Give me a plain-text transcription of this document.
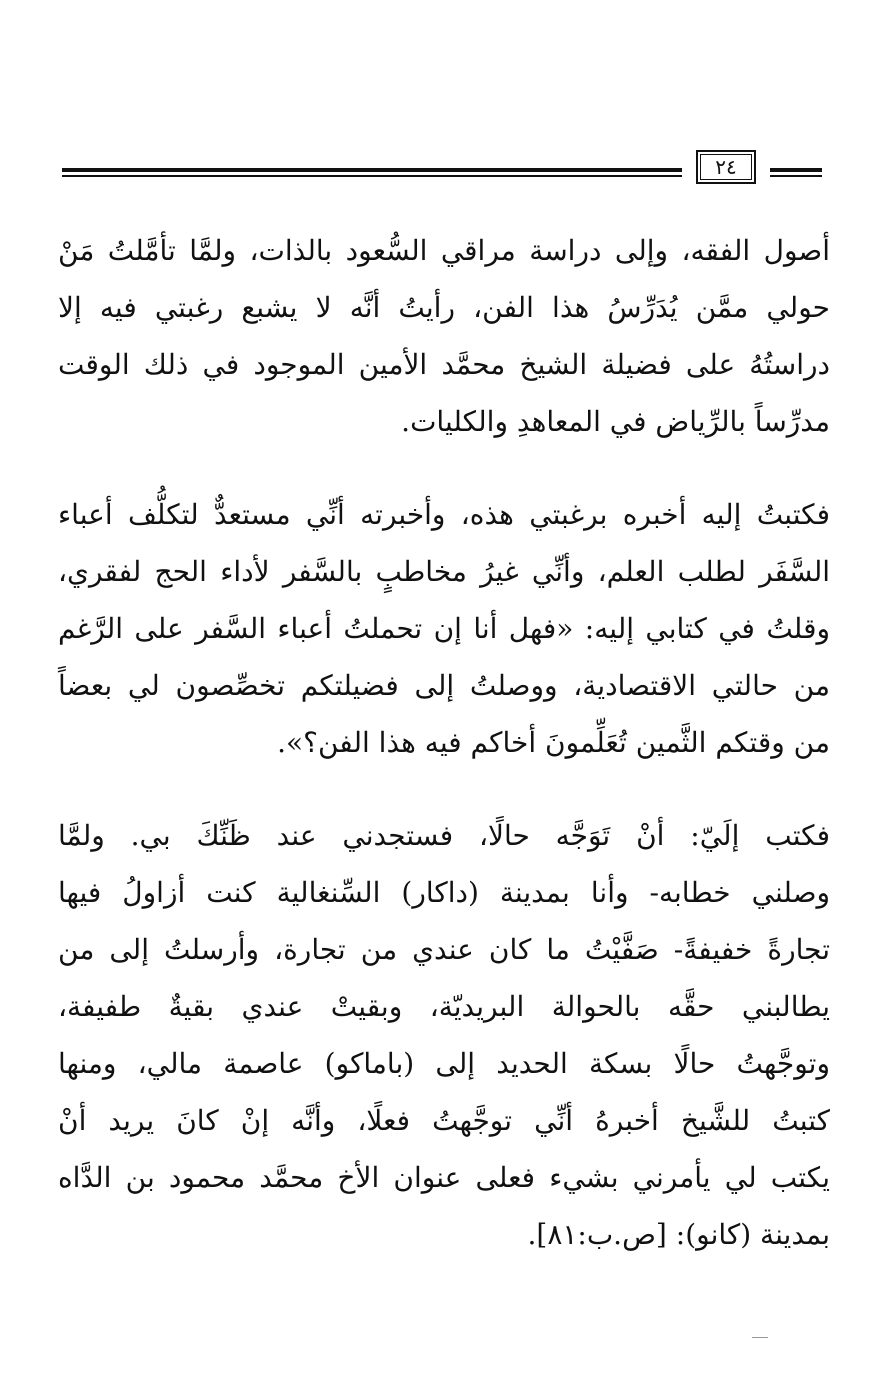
٢٤
أصول الفقه، وإلى دراسة مراقي السُّعود بالذات، ولمَّا تأمَّلتُ مَنْ
حولي ممَّن يُدَرِّسُ هذا الفن، رأيتُ أنَّه لا يشبع رغبتي فيه إلا
دراستُهُ على فضيلة الشيخ محمَّد الأمين الموجود في ذلك الوقت
مدرِّساً بالرِّياض في المعاهدِ والكليات.
فكتبتُ إليه أخبره برغبتي هذه، وأخبرته أنِّي مستعدٌّ لتكلُّف أعباء
السَّفَر لطلب العلم، وأنِّي غيرُ مخاطبٍ بالسَّفر لأداء الحج لفقري،
وقلتُ في كتابي إليه: «فهل أنا إن تحملتُ أعباء السَّفر على الرَّغم
من حالتي الاقتصادية، ووصلتُ إلى فضيلتكم تخصِّصون لي بعضاً
من وقتكم الثَّمين تُعَلِّمونَ أخاكم فيه هذا الفن؟».
فكتب إلَيّ: أنْ تَوَجَّه حالًا، فستجدني عند ظَنِّكَ بي. ولمَّا
وصلني خطابه- وأنا بمدينة (داكار) السِّنغالية كنت أزاولُ فيها
تجارةً خفيفةً- صَفَّيْتُ ما كان عندي من تجارة، وأرسلتُ إلى من
يطالبني حقَّه بالحوالة البريديّة، وبقيتْ عندي بقيةٌ طفيفة،
وتوجَّهتُ حالًا بسكة الحديد إلى (باماكو) عاصمة مالي، ومنها
كتبتُ للشَّيخ أخبرهُ أنِّي توجَّهتُ فعلًا، وأنَّه إنْ كانَ يريد أنْ
يكتب لي يأمرني بشيء فعلى عنوان الأخ محمَّد محمود بن الدَّاه
بمدينة (كانو): [ص.ب:٨١].
